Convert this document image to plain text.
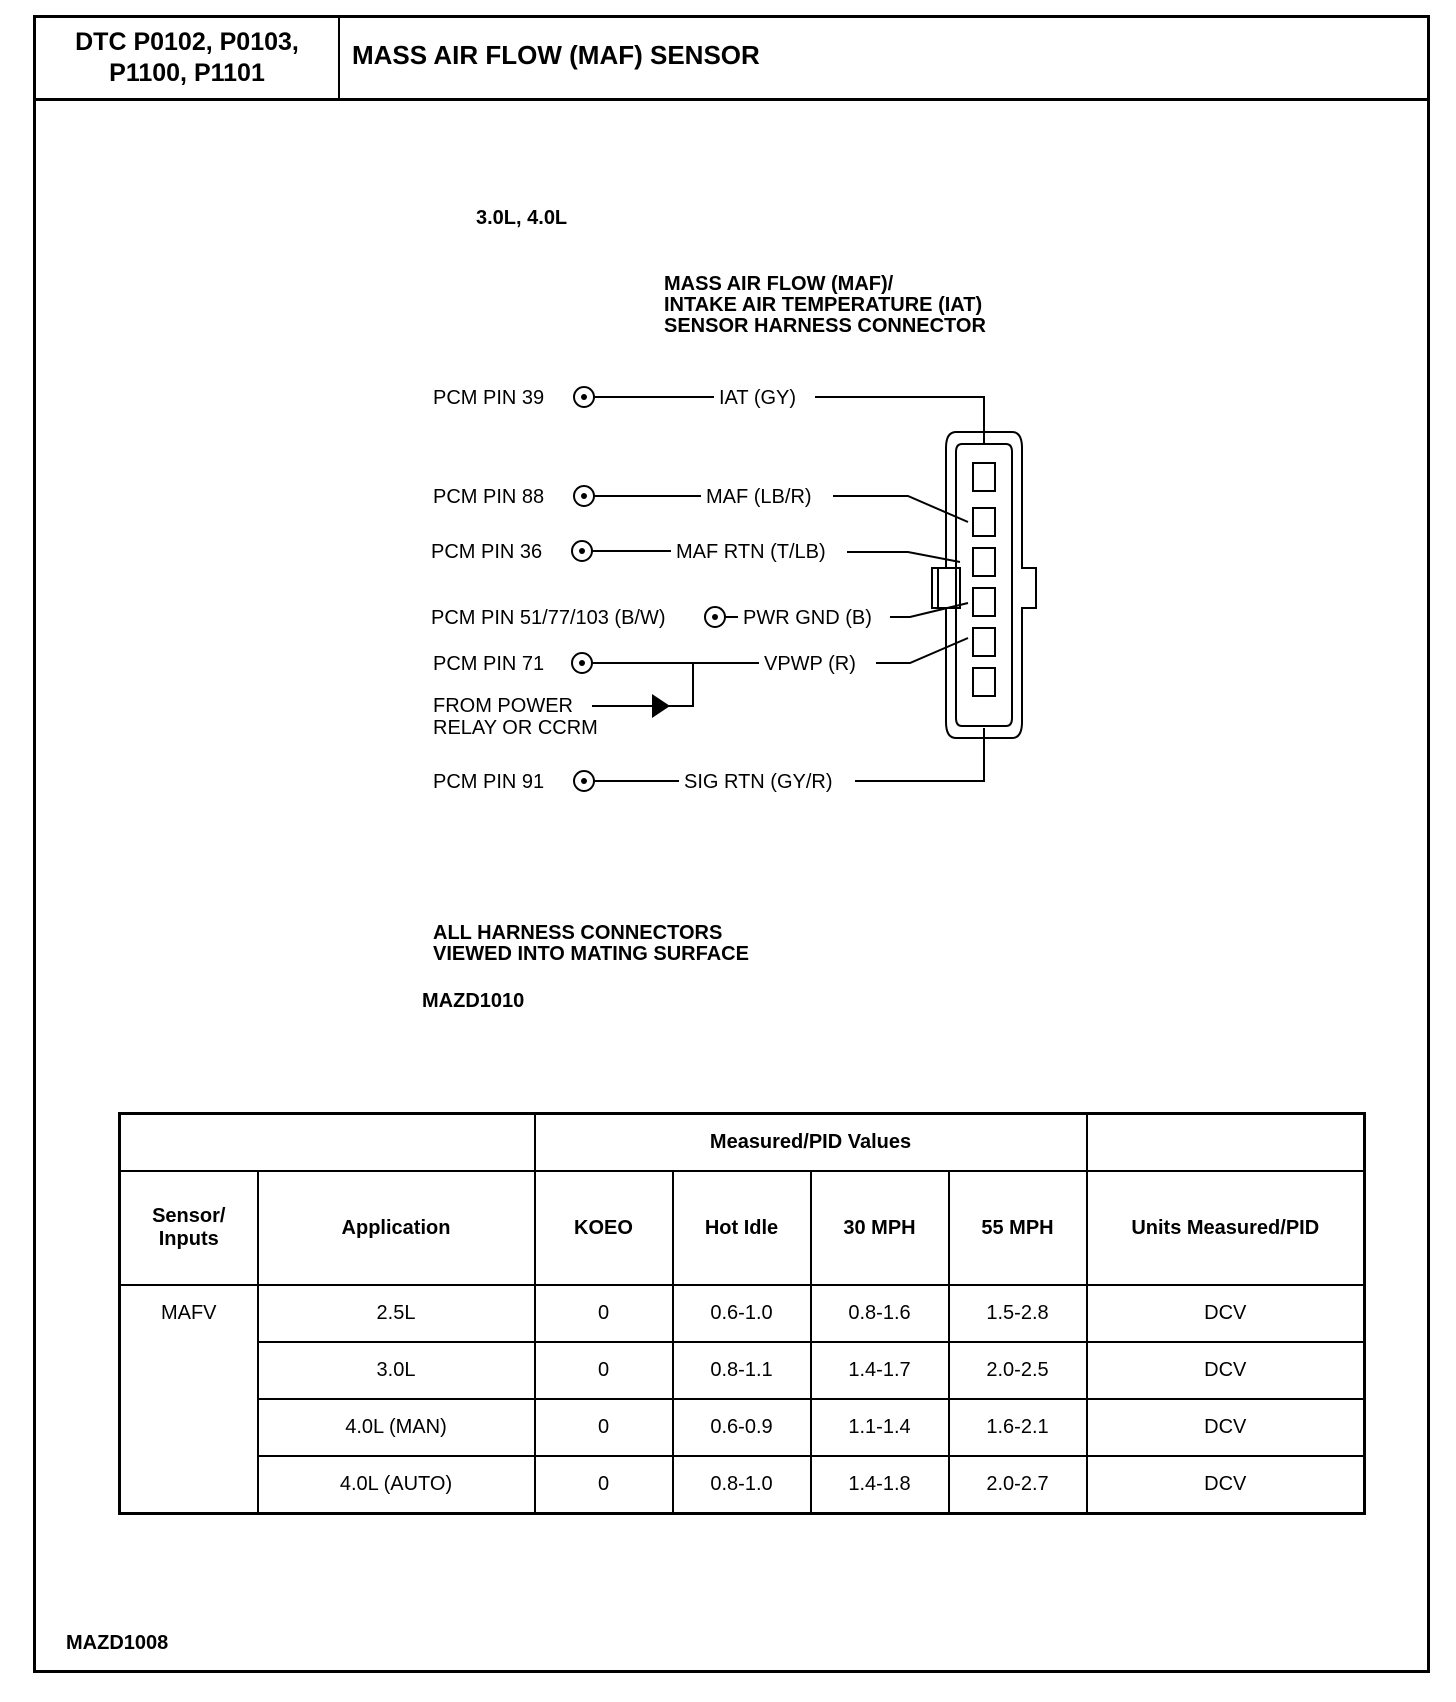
DTC P0102, P0103,
P1100, P1101
MASS AIR FLOW (MAF) SENSOR
3.0L, 4.0L
MASS AIR FLOW (MAF)/
INTAKE AIR TEMPERATURE (IAT)
SENSOR HARNESS CONNECTOR
PCM PIN 39
PCM PIN 88
PCM PIN 36
PCM PIN 51/77/103 (B/W)
PCM PIN 71
PCM PIN 91
FROM POWER
RELAY OR CCRM
IAT (GY)
MAF (LB/R)
MAF RTN (T/LB)
PWR GND (B)
VPWP (R)
SIG RTN (GY/R)
ALL HARNESS CONNECTORS
VIEWED INTO MATING SURFACE
MAZD1010
		Measured/PID Values				
Sensor/ Inputs	Application	KOEO	Hot Idle	30 MPH	55 MPH	Units Measured/PID
MAFV	2.5L	0	0.6-1.0	0.8-1.6	1.5-2.8	DCV
	3.0L	0	0.8-1.1	1.4-1.7	2.0-2.5	DCV
	4.0L (MAN)	0	0.6-0.9	1.1-1.4	1.6-2.1	DCV
	4.0L (AUTO)	0	0.8-1.0	1.4-1.8	2.0-2.7	DCV
MAZD1008
